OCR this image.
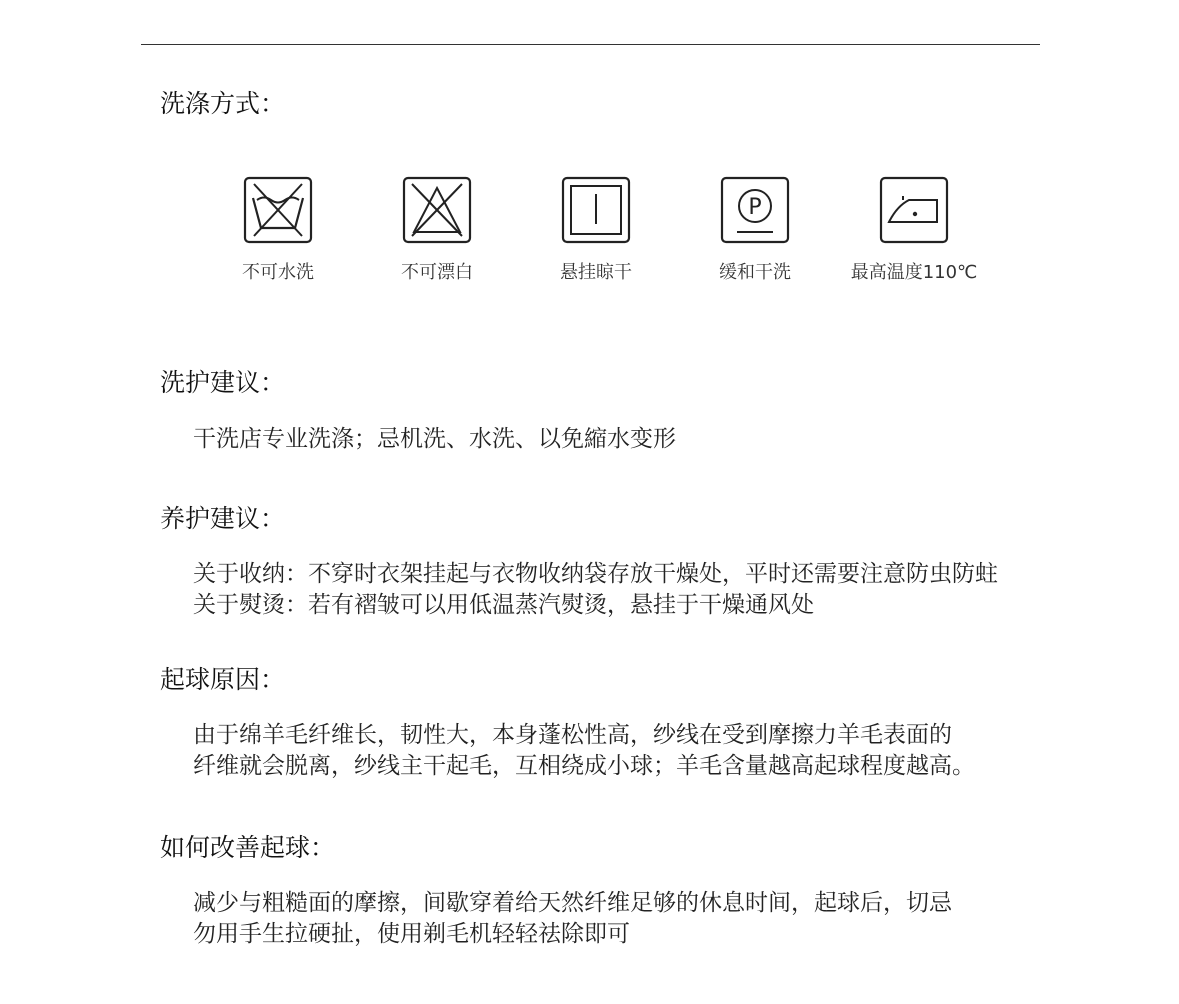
洗涤方式：
不可水洗	不可漂白	悬挂晾干
P
缓和干洗	最高温度110℃
洗护建议：

干洗店专业洗涤；忌机洗、水洗、以免縮水变形

养护建议：

关于收纳：不穿时衣架挂起与衣物收纳袋存放干燥处，平时还需要注意防虫防蛀
关于熨烫：若有褶皱可以用低温蒸汽熨烫，悬挂于干燥通风处

起球原因：

由于绵羊毛纤维长，韧性大，本身蓬松性高，纱线在受到摩擦力羊毛表面的
纤维就会脱离，纱线主干起毛，互相绕成小球；羊毛含量越高起球程度越高。

如何改善起球：

减少与粗糙面的摩擦，间歇穿着给天然纤维足够的休息时间，起球后，切忌
勿用手生拉硬扯，使用剃毛机轻轻祛除即可
